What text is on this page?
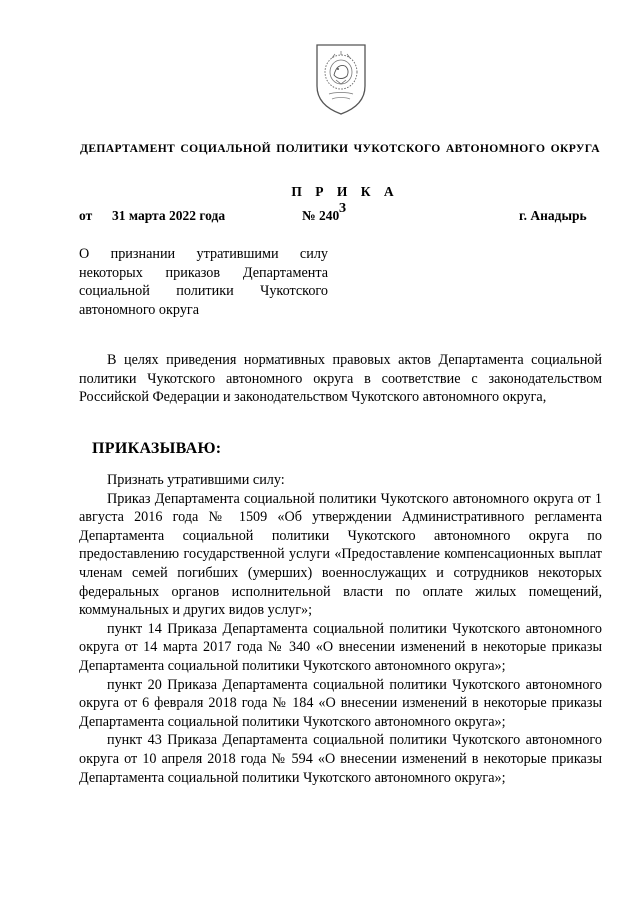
ДЕПАРТАМЕНТ СОЦИАЛЬНОЙ ПОЛИТИКИ ЧУКОТСКОГО АВТОНОМНОГО ОКРУГА
П Р И К А З
от 31 марта 2022 года	№ 240	г. Анадырь
О признании утратившими силу некоторых приказов Департамента социальной политики Чукотского автономного округа
В целях приведения нормативных правовых актов Департамента социальной политики Чукотского автономного округа в соответствие с законодательством Российской Федерации и законодательством Чукотского автономного округа,
ПРИКАЗЫВАЮ:

Признать утратившими силу:

Приказ Департамента социальной политики Чукотского автономного округа от 1 августа 2016 года № 1509 «Об утверждении Административного регламента Департамента социальной политики Чукотского автономного округа по предоставлению государственной услуги «Предоставление компенсационных выплат членам семей погибших (умерших) военнослужащих и сотрудников некоторых федеральных органов исполнительной власти по оплате жилых помещений, коммунальных и других видов услуг»;

пункт 14 Приказа Департамента социальной политики Чукотского автономного округа от 14 марта 2017 года № 340 «О внесении изменений в некоторые приказы Департамента социальной политики Чукотского автономного округа»;

пункт 20 Приказа Департамента социальной политики Чукотского автономного округа от 6 февраля 2018 года № 184 «О внесении изменений в некоторые приказы Департамента социальной политики Чукотского автономного округа»;

пункт 43 Приказа Департамента социальной политики Чукотского автономного округа от 10 апреля 2018 года № 594 «О внесении изменений в некоторые приказы Департамента социальной политики Чукотского автономного округа»;
